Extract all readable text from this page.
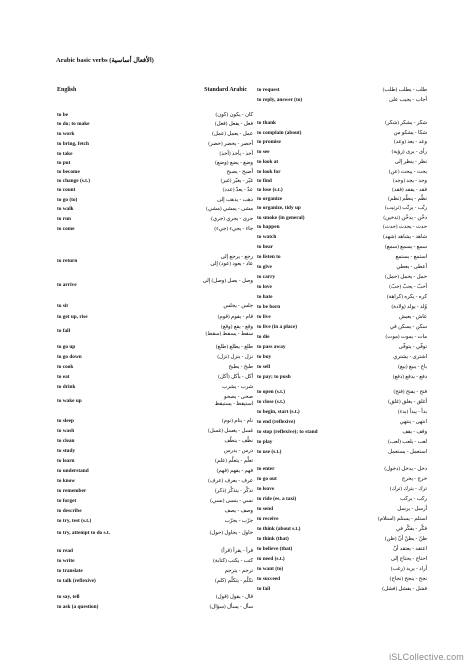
Arabic basic verbs (الأفعال أساسية)
English	Standard Arabic
to be	كان - يكون (كون)
to do; to make	فعل - يفعل (فعل)
to work	عمل - يعمل (عمل)
to bring, fetch	أحضر - يحضر (حضر)
to take	أخذ - يأخذ (أخذ)
to put	وضع - يضع (وضع)
to become	أصبح - يصبح
to change (s.t.)	غيّر - يغيّر (غير)
to count	عدّ - يعدّ (عدد)
to go (to)	ذهب - يذهب إلى
to walk	مشى - يمشي (مشي)
to run	جرى - يجري (جري)
to come	جاء - يجيء (جيء)
to return
رجع - يرجع إلى
عاد - يعود (عود) إلى
to arrive
وصل - يصل (وصل) إلى
to sit	جلس - يجلس
to get up, rise	قام - يقوم (قوم)
to fall
وقع - يقع (وقع)
سقط - يسقط (سقط)
to go up	طلع - يطلع (طلع)
to go down	نزل - ينزل (نزل)
to cook	طبخ - يطبخ
to eat	أكل - يأكل (أكل)
to drink	شرب - يشرب
to wake up
صحى - يصحو
استيقظ - يستيقظ
to sleep	نام - ينام (نوم)
to wash	غسل - يغسل (غسل)
to clean	نظّف - ينظّف
to study	درس - يدرس
to learn	تعلّم - يتعلّم (علم)
to understand	فهم - يفهم (فهم)
to know	عرف - يعرف (عرف)
to remember	تذكّر - يتذكّر (ذكر)
to forget	نسي - ينسى (نسي)
to describe	وصف - يصف
to try, test (s.t.)	جرّب - يجرّب
to try, attempt to do s.t.	حاول - يحاول (حول)
to read	قرأ - يقرأ (قرأ)
to write	كتب - يكتب (كتابة)
to translate	ترجم - يترجم
to talk (reflexive)	تكلّم - يتكلّم (كلم)
to say, tell	قال - يقول (قول)
to ask (a question)	سأل - يسأل (سؤال)
to request	طلب - يطلب (طلب)
to reply, answer (to)	أجاب - يجيب على
to thank	شكر - يشكر (شكر)
to complain (about)	شكا - يشكو من
to promise	وعد - يعد (وعد)
to see	رأى - يرى (رؤية)
to look at	نظر - ينظر إلى
to look for	بحث - يبحث (عن)
to find	وجد - يجد (وجد)
to lose (s.t.)	فقد - يفقد (فقد)
to organize	نظّم - ينظّم (نظم)
to organize, tidy up	رتّب - يرتّب (ترتيب)
to smoke (in general)	دخّن - يدخّن (تدخين)
to happen	حدث - يحدث (حدث)
to watch	شاهد - يشاهد (شهد)
to hear	سمع - يسمع (سمع)
to listen to	استمع - يستمع
to give	أعطى - يعطي
to carry	حمل - يحمل (حمل)
to love	أحبّ - يحبّ (حبّ)
to hate	كره - يكره (كراهة)
to be born	وُلد - يولد (ولادة)
to live	عاش - يعيش
to live (in a place)	سكن - يسكن في
to die	مات - يموت (موت)
to pass away	توفّي - يتوفّى
to buy	اشترى - يشتري
to sell	باع - يبيع (بيع)
to pay; to push	دفع - يدفع (دفع)
to open (s.t.)	فتح - يفتح (فتح)
to close (s.t.)	أغلق - يغلق (غلق)
to begin, start (s.t.)	بدأ - يبدأ (بدء)
to end (reflexive)	انتهى - ينتهي
to stop (reflexive); to stand	وقف - يقف
to play	لعب - يلعب (لعب)
to use (s.t.)	استعمل - يستعمل
to enter	دخل - يدخل (دخول)
to go out	خرج - يخرج
to leave	ترك - يترك (ترك)
to ride (es. a taxi)	ركب - يركب
to send	أرسل - يرسل
to receive	استلم - يستلم (استلام)
to think (about s.t.)	فكّر - يفكّر في
to think (that)	ظنّ - يظنّ أنّ (ظن)
to believe (that)	اعتقد - يعتقد أنّ
to need (s.t.)	احتاج - يحتاج إلى
to want (to)	أراد - يريد (رغب)
to succeed	نجح - ينجح (نجاح)
to fail	فشل - يفشل (فشل)
iSLCollective.com
